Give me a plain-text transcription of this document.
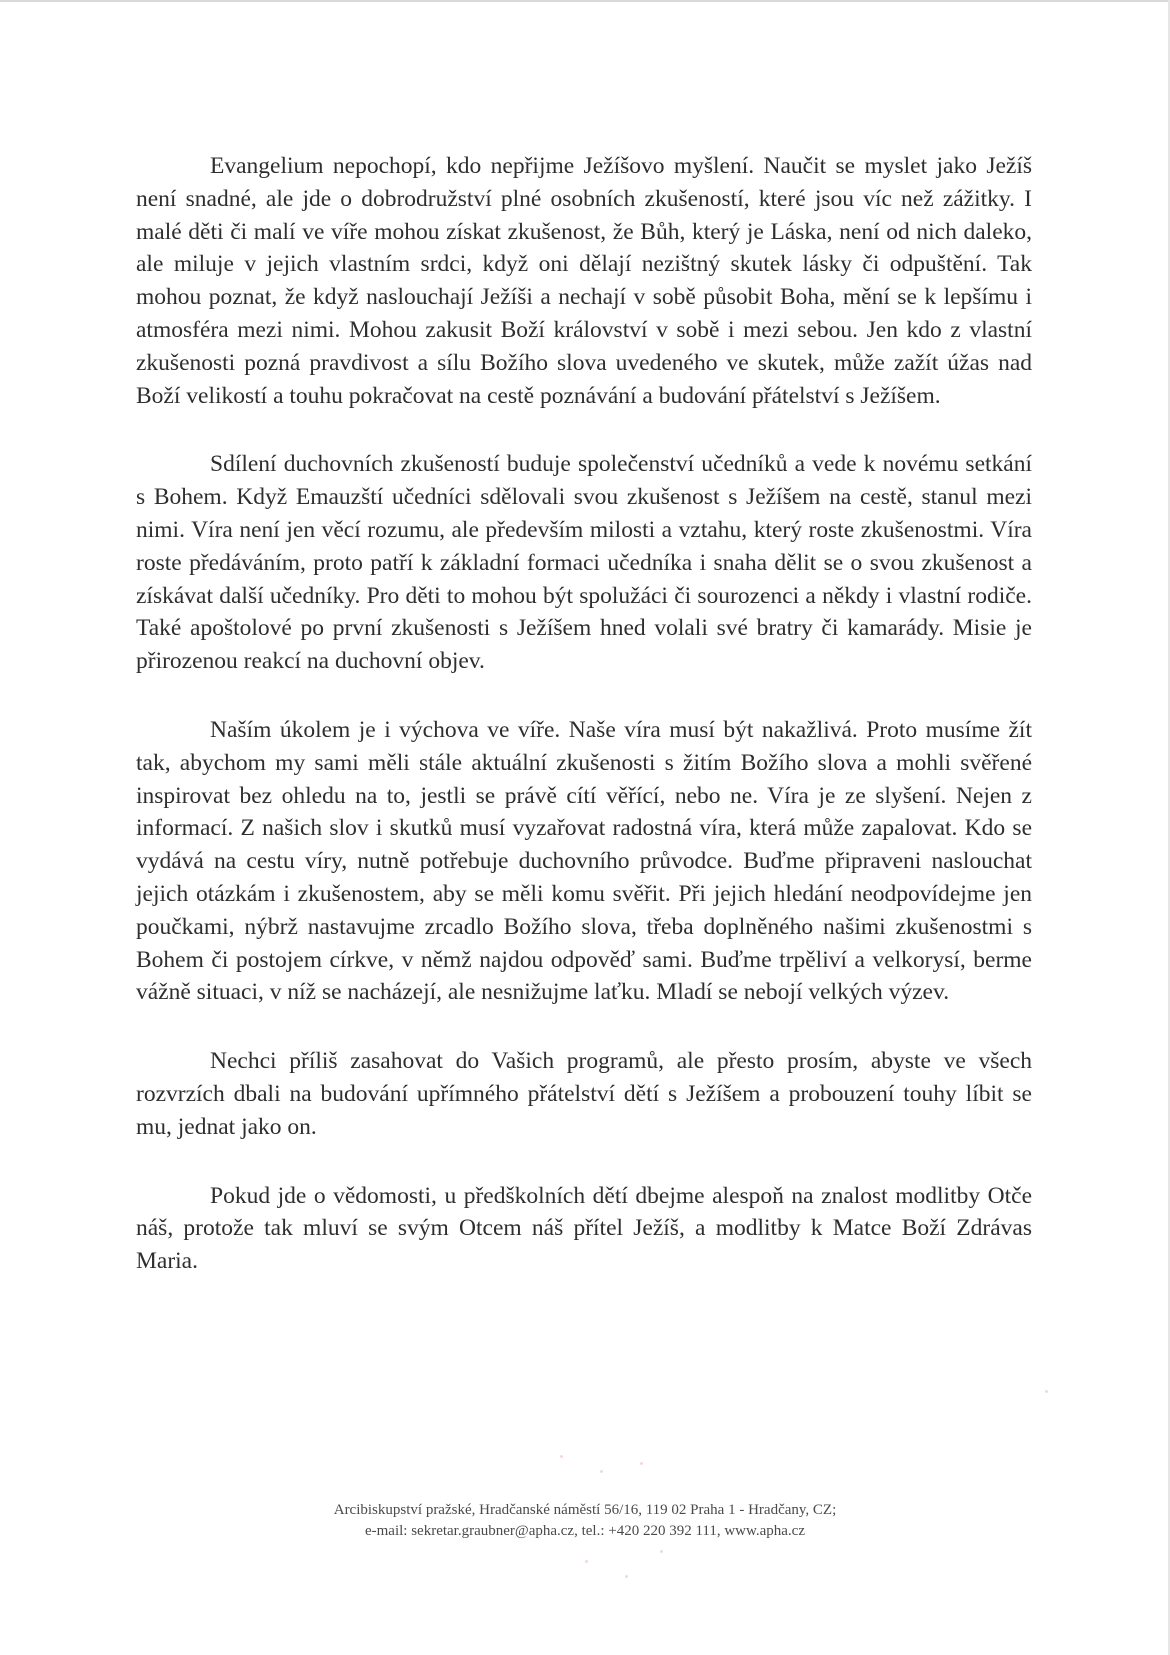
Evangelium nepochopí, kdo nepřijme Ježíšovo myšlení. Naučit se myslet jako Ježíš není snadné, ale jde o dobrodružství plné osobních zkušeností, které jsou víc než zážitky. I malé děti či malí ve víře mohou získat zkušenost, že Bůh, který je Láska, není od nich daleko, ale miluje v jejich vlastním srdci, když oni dělají nezištný skutek lásky či odpuštění. Tak mohou poznat, že když naslouchají Ježíši a nechají v sobě působit Boha, mění se k lepšímu i atmosféra mezi nimi. Mohou zakusit Boží království v sobě i mezi sebou. Jen kdo z vlastní zkušenosti pozná pravdivost a sílu Božího slova uvedeného ve skutek, může zažít úžas nad Boží velikostí a touhu pokračovat na cestě poznávání a budování přátelství s Ježíšem.

Sdílení duchovních zkušeností buduje společenství učedníků a vede k novému setkání s Bohem. Když Emauzští učedníci sdělovali svou zkušenost s Ježíšem na cestě, stanul mezi nimi. Víra není jen věcí rozumu, ale především milosti a vztahu, který roste zkušenostmi. Víra roste předáváním, proto patří k základní formaci učedníka i snaha dělit se o svou zkušenost a získávat další učedníky. Pro děti to mohou být spolužáci či sourozenci a někdy i vlastní rodiče. Také apoštolové po první zkušenosti s Ježíšem hned volali své bratry či kamarády. Misie je přirozenou reakcí na duchovní objev.

Naším úkolem je i výchova ve víře. Naše víra musí být nakažlivá. Proto musíme žít tak, abychom my sami měli stále aktuální zkušenosti s žitím Božího slova a mohli svěřené inspirovat bez ohledu na to, jestli se právě cítí věřící, nebo ne. Víra je ze slyšení. Nejen z informací. Z našich slov i skutků musí vyzařovat radostná víra, která může zapalovat. Kdo se vydává na cestu víry, nutně potřebuje duchovního průvodce. Buďme připraveni naslouchat jejich otázkám i zkušenostem, aby se měli komu svěřit. Při jejich hledání neodpovídejme jen poučkami, nýbrž nastavujme zrcadlo Božího slova, třeba doplněného našimi zkušenostmi s Bohem či postojem církve, v němž najdou odpověď sami. Buďme trpěliví a velkorysí, berme vážně situaci, v níž se nacházejí, ale nesnižujme laťku. Mladí se nebojí velkých výzev.

Nechci příliš zasahovat do Vašich programů, ale přesto prosím, abyste ve všech rozvrzích dbali na budování upřímného přátelství dětí s Ježíšem a probouzení touhy líbit se mu, jednat jako on.

Pokud jde o vědomosti, u předškolních dětí dbejme alespoň na znalost modlitby Otče náš, protože tak mluví se svým Otcem náš přítel Ježíš, a modlitby k Matce Boží Zdrávas Maria.

Arcibiskupství pražské, Hradčanské náměstí 56/16, 119 02 Praha 1 - Hradčany, CZ;
e-mail: sekretar.graubner@apha.cz, tel.: +420 220 392 111, www.apha.cz
